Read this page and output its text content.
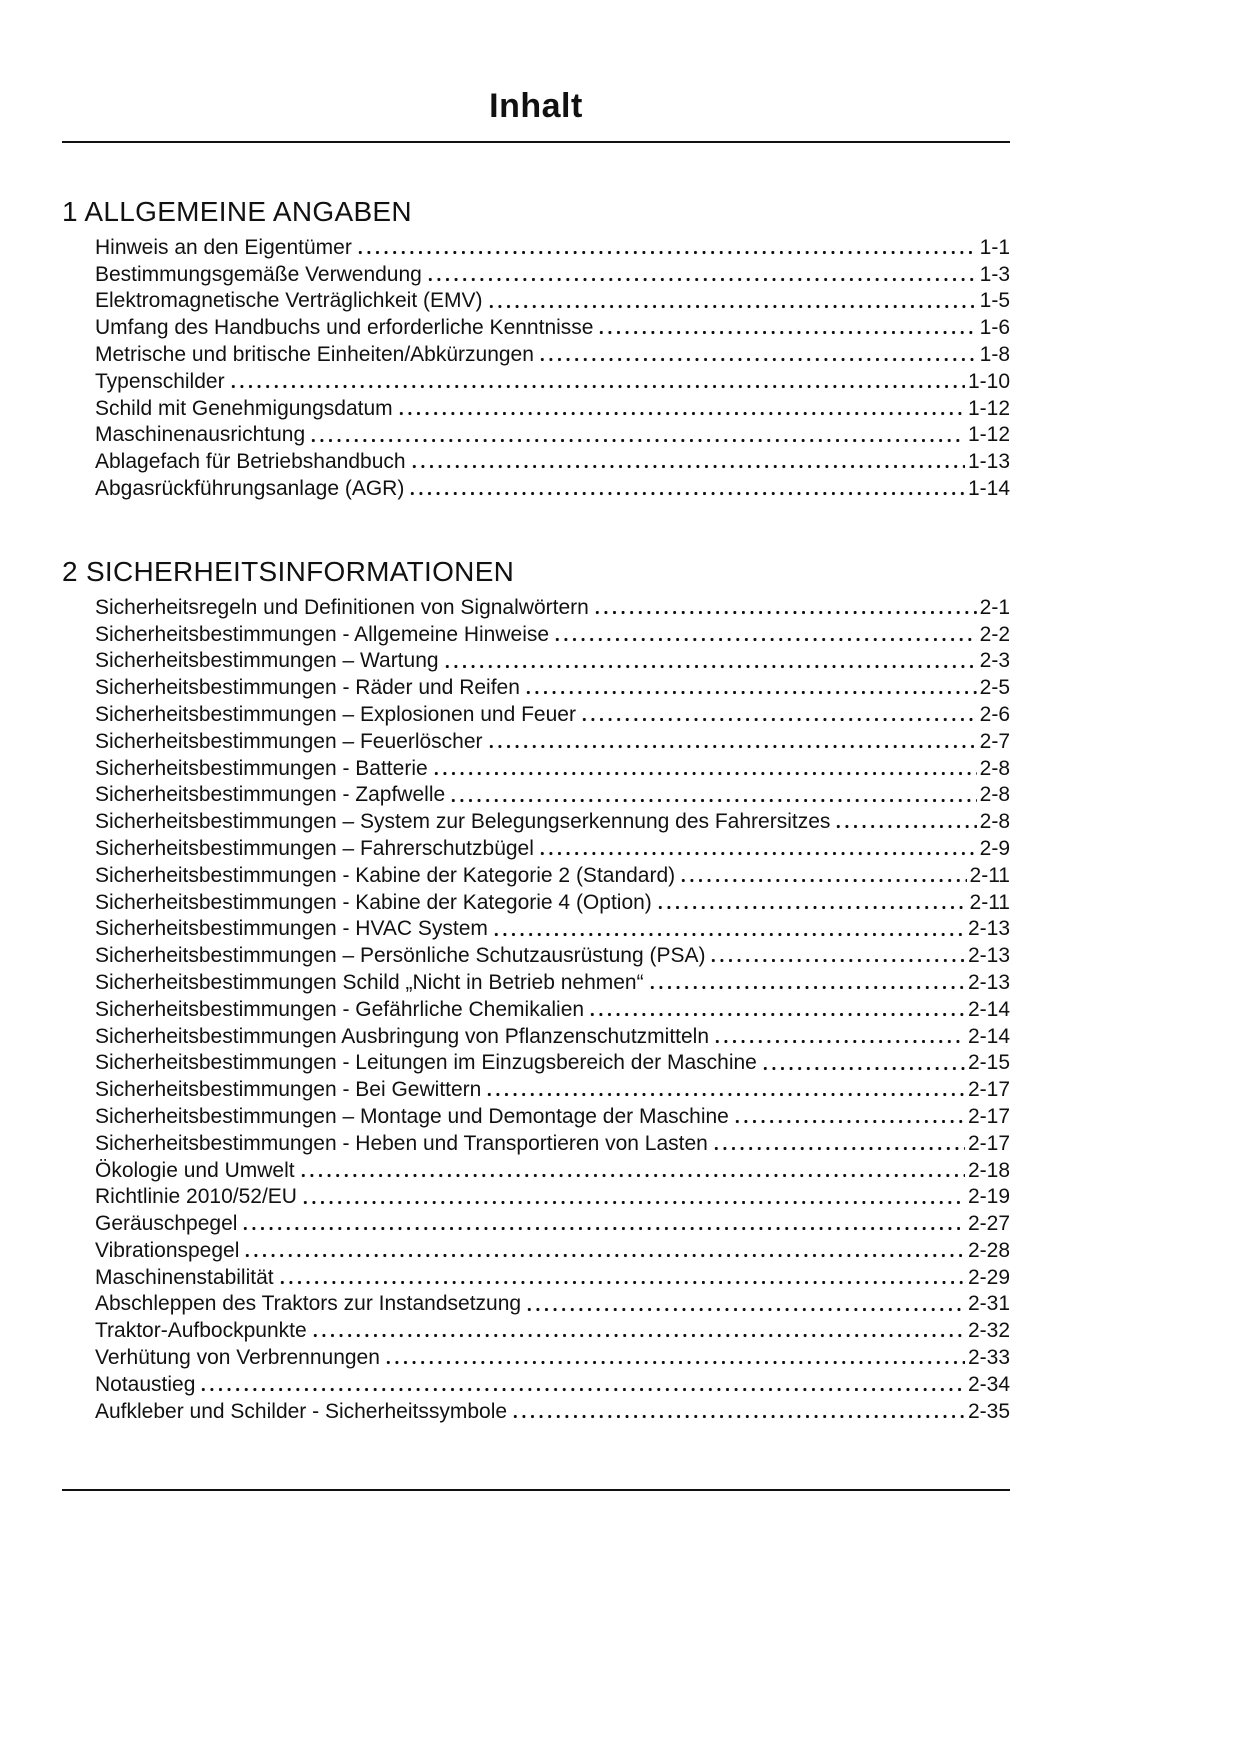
Inhalt
1 ALLGEMEINE ANGABEN
Hinweis an den Eigentümer	1-1
Bestimmungsgemäße Verwendung	1-3
Elektromagnetische Verträglichkeit (EMV)	1-5
Umfang des Handbuchs und erforderliche Kenntnisse	1-6
Metrische und britische Einheiten/Abkürzungen	1-8
Typenschilder	1-10
Schild mit Genehmigungsdatum	1-12
Maschinenausrichtung	1-12
Ablagefach für Betriebshandbuch	1-13
Abgasrückführungsanlage (AGR)	1-14
2 SICHERHEITSINFORMATIONEN
Sicherheitsregeln und Definitionen von Signalwörtern	2-1
Sicherheitsbestimmungen - Allgemeine Hinweise	2-2
Sicherheitsbestimmungen – Wartung	2-3
Sicherheitsbestimmungen - Räder und Reifen	2-5
Sicherheitsbestimmungen – Explosionen und Feuer	2-6
Sicherheitsbestimmungen – Feuerlöscher	2-7
Sicherheitsbestimmungen - Batterie	2-8
Sicherheitsbestimmungen - Zapfwelle	2-8
Sicherheitsbestimmungen – System zur Belegungserkennung des Fahrersitzes	2-8
Sicherheitsbestimmungen – Fahrerschutzbügel	2-9
Sicherheitsbestimmungen - Kabine der Kategorie 2 (Standard)	2-11
Sicherheitsbestimmungen - Kabine der Kategorie 4 (Option)	2-11
Sicherheitsbestimmungen - HVAC System	2-13
Sicherheitsbestimmungen – Persönliche Schutzausrüstung (PSA)	2-13
Sicherheitsbestimmungen Schild „Nicht in Betrieb nehmen“	2-13
Sicherheitsbestimmungen - Gefährliche Chemikalien	2-14
Sicherheitsbestimmungen Ausbringung von Pflanzenschutzmitteln	2-14
Sicherheitsbestimmungen - Leitungen im Einzugsbereich der Maschine	2-15
Sicherheitsbestimmungen - Bei Gewittern	2-17
Sicherheitsbestimmungen – Montage und Demontage der Maschine	2-17
Sicherheitsbestimmungen - Heben und Transportieren von Lasten	2-17
Ökologie und Umwelt	2-18
Richtlinie 2010/52/EU	2-19
Geräuschpegel	2-27
Vibrationspegel	2-28
Maschinenstabilität	2-29
Abschleppen des Traktors zur Instandsetzung	2-31
Traktor-Aufbockpunkte	2-32
Verhütung von Verbrennungen	2-33
Notaustieg	2-34
Aufkleber und Schilder - Sicherheitssymbole	2-35
